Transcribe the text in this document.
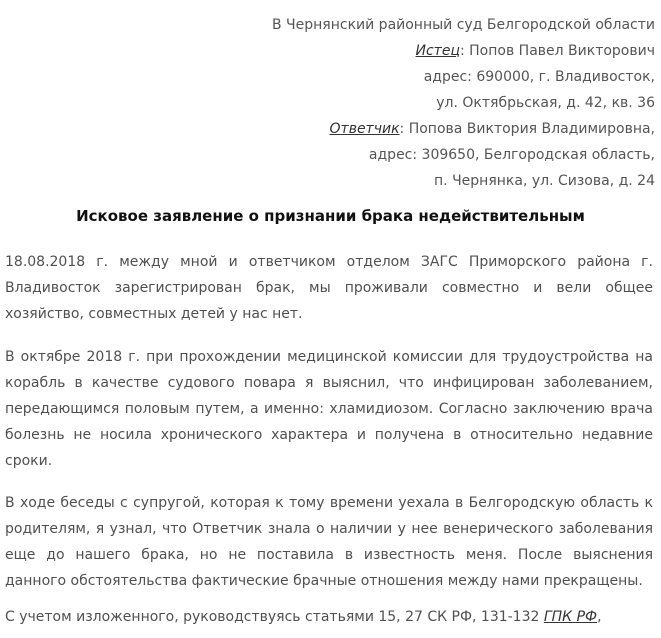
В Чернянский районный суд Белгородской области
Истец: Попов Павел Викторович
адрес: 690000, г. Владивосток,
ул. Октябрьская, д. 42, кв. 36
Ответчик: Попова Виктория Владимировна,
адрес: 309650, Белгородская область,
п. Чернянка, ул. Сизова, д. 24
Исковое заявление о признании брака недействительным

18.08.2018 г. между мной и ответчиком отделом ЗАГС Приморского района г.
Владивосток зарегистрирован брак, мы проживали совместно и вели общее
хозяйство, совместных детей у нас нет.

В октябре 2018 г. при прохождении медицинской комиссии для трудоустройства на
корабль в качестве судового повара я выяснил, что инфицирован заболеванием,
передающимся половым путем, а именно: хламидиозом. Согласно заключению врача
болезнь не носила хронического характера и получена в относительно недавние
сроки.

В ходе беседы с супругой, которая к тому времени уехала в Белгородскую область к
родителям, я узнал, что Ответчик знала о наличии у нее венерического заболевания
еще до нашего брака, но не поставила в известность меня. После выяснения
данного обстоятельства фактические брачные отношения между нами прекращены.

С учетом изложенного, руководствуясь статьями 15, 27 СК РФ, 131-132 ГПК РФ,
